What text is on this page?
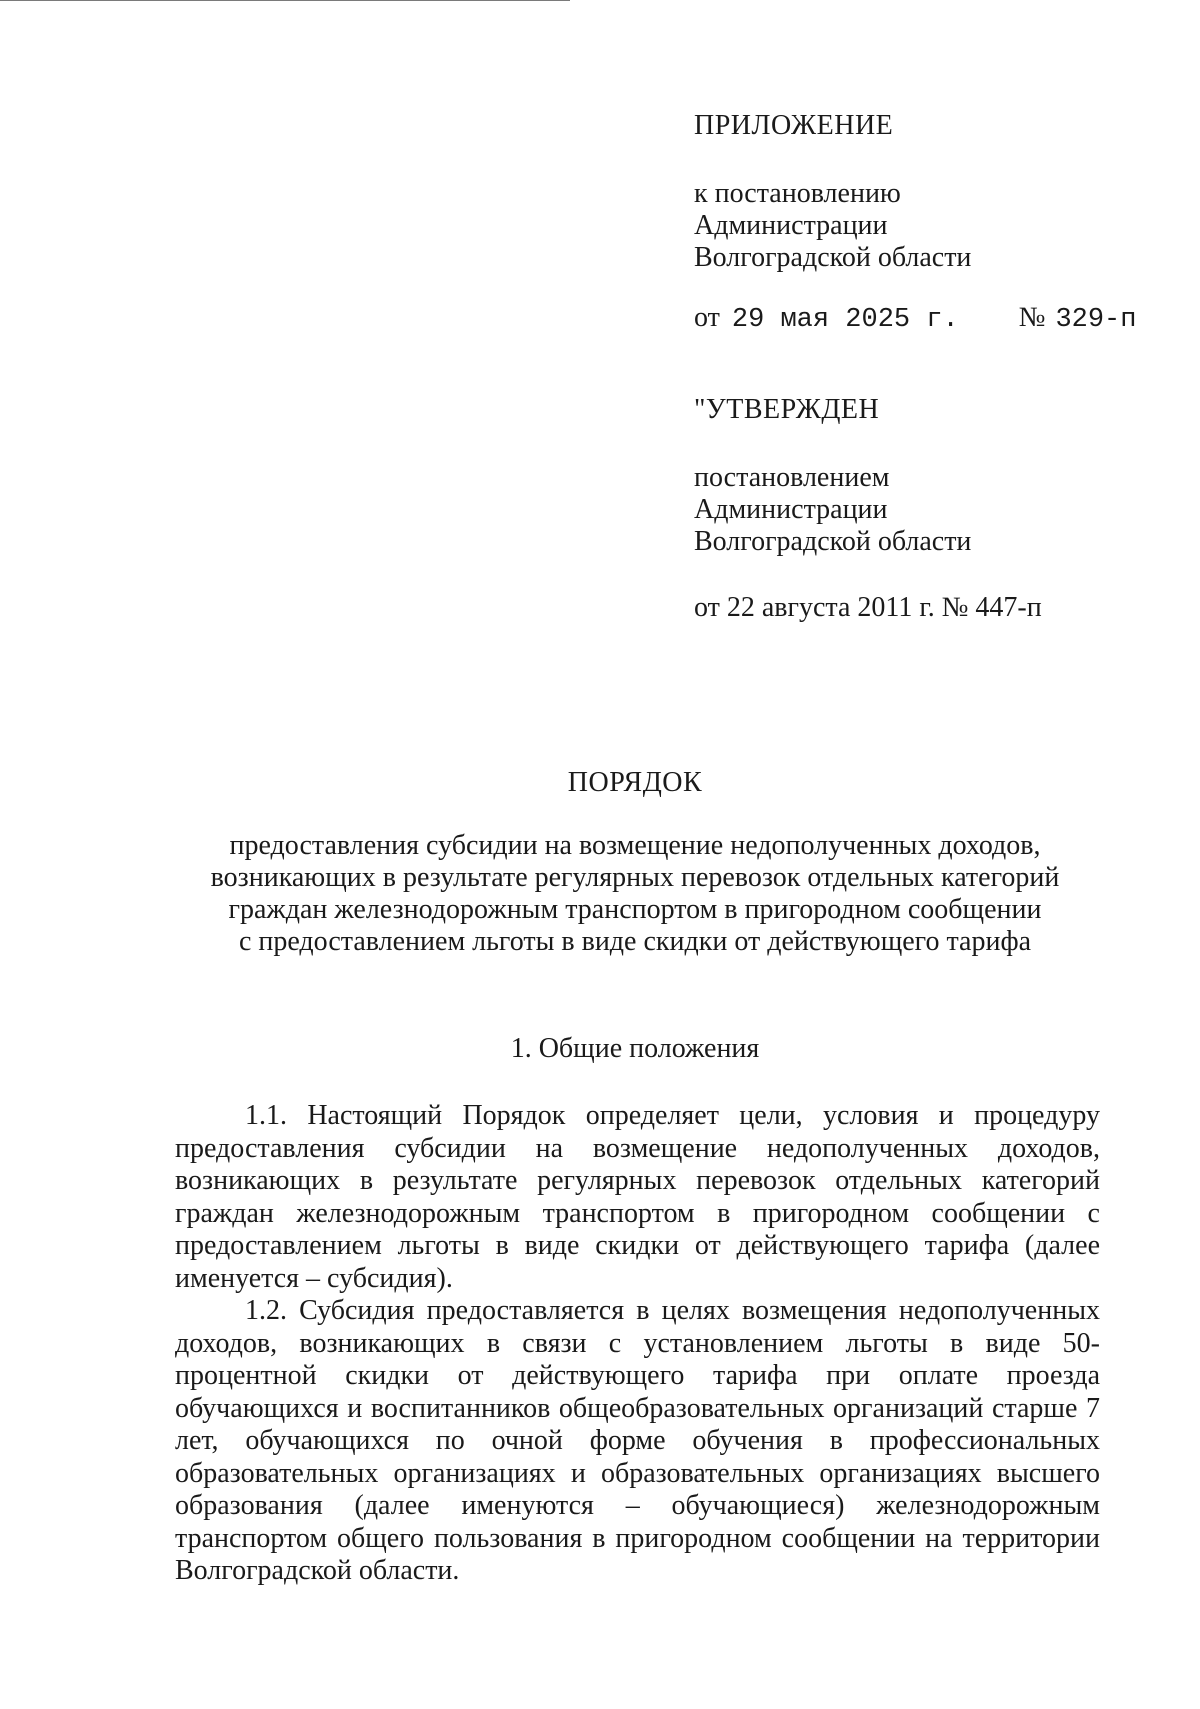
ПРИЛОЖЕНИЕ

к постановлению

Администрации

Волгоградской области

от 29 мая 2025 г. № 329-п

"УТВЕРЖДЕН

постановлением

Администрации

Волгоградской области

от 22 августа 2011 г. № 447-п

ПОРЯДОК

предоставления субсидии на возмещение недополученных доходов,

возникающих в результате регулярных перевозок отдельных категорий

граждан железнодорожным транспортом в пригородном сообщении

с предоставлением льготы в виде скидки от действующего тарифа

1. Общие положения

1.1. Настоящий Порядок определяет цели, условия и процедуру предоставления субсидии на возмещение недополученных доходов, возникающих в результате регулярных перевозок отдельных категорий граждан железнодорожным транспортом в пригородном сообщении с предоставлением льготы в виде скидки от действующего тарифа (далее именуется – субсидия).

1.2. Субсидия предоставляется в целях возмещения недополученных доходов, возникающих в связи с установлением льготы в виде 50-процентной скидки от действующего тарифа при оплате проезда обучающихся и воспитанников общеобразовательных организаций старше 7 лет, обучающихся по очной форме обучения в профессиональных образовательных организациях и образовательных организациях высшего образования (далее именуются – обучающиеся) железнодорожным транспортом общего пользования в пригородном сообщении на территории Волгоградской области.
